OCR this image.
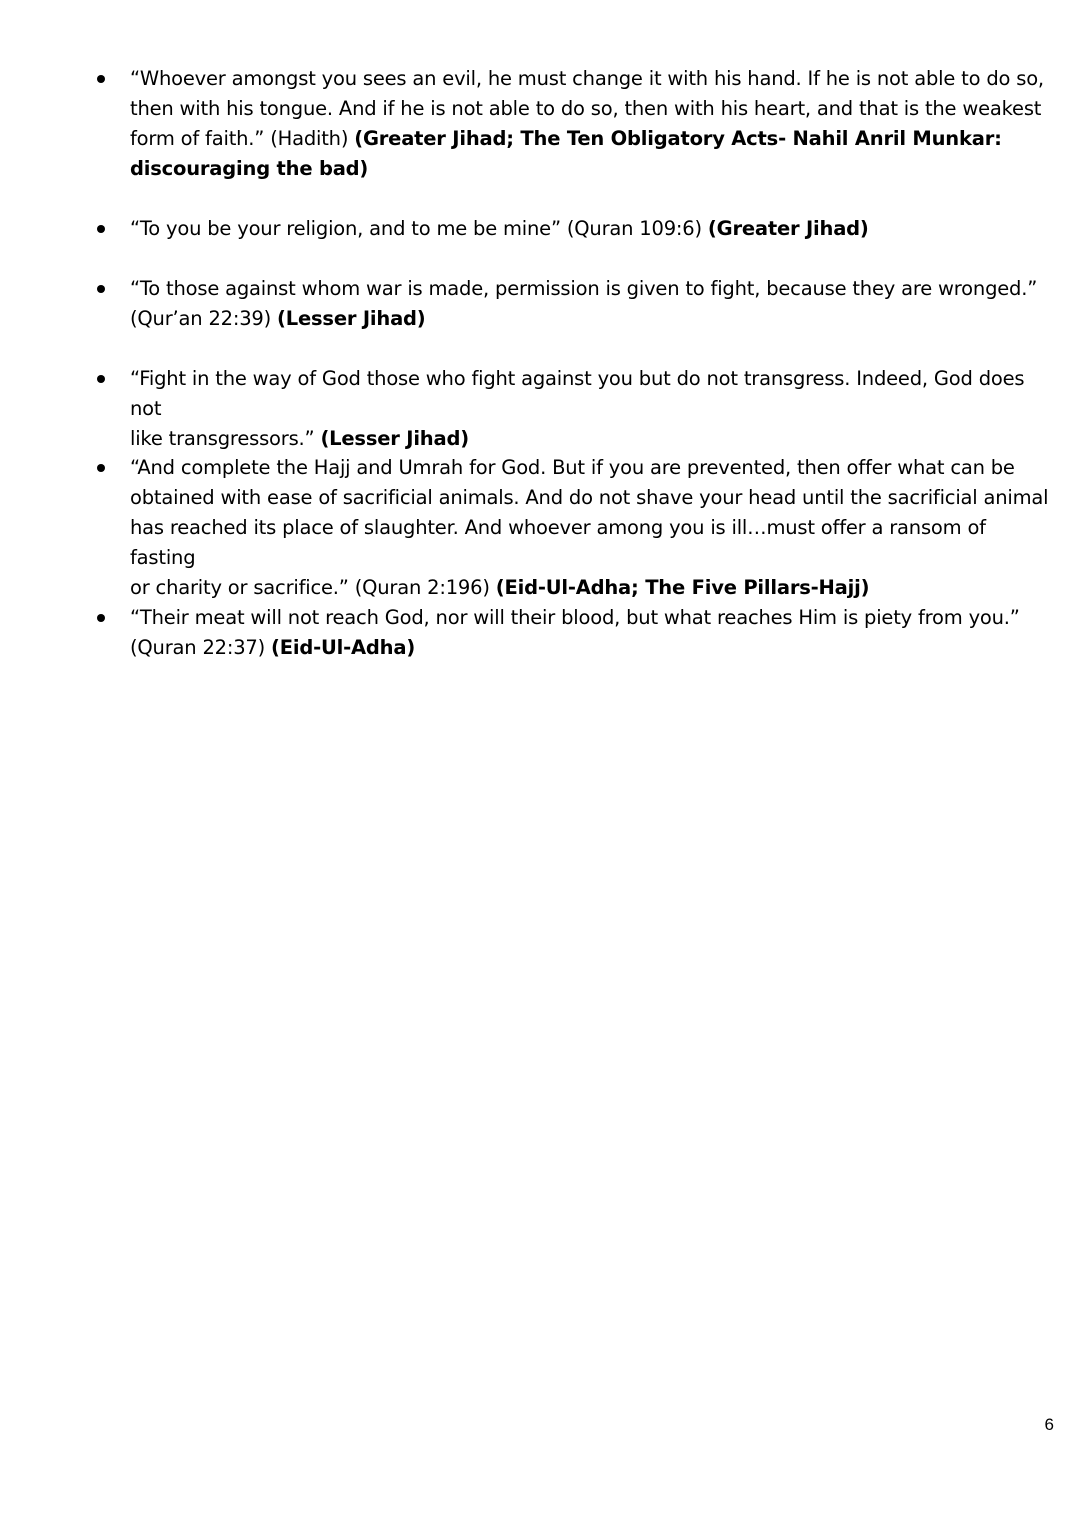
“Whoever amongst you sees an evil, he must change it with his hand. If he is not able to do so,
then with his tongue. And if he is not able to do so, then with his heart, and that is the weakest
form of faith.” (Hadith) (Greater Jihad; The Ten Obligatory Acts- Nahil Anril Munkar:
discouraging the bad)
“To you be your religion, and to me be mine” (Quran 109:6) (Greater Jihad)
“To those against whom war is made, permission is given to fight, because they are wronged.”
(Qur’an 22:39) (Lesser Jihad)
“Fight in the way of God those who fight against you but do not transgress. Indeed, God does not
like transgressors.” (Lesser Jihad)
“And complete the Hajj and Umrah for God. But if you are prevented, then offer what can be
obtained with ease of sacrificial animals. And do not shave your head until the sacrificial animal
has reached its place of slaughter. And whoever among you is ill…must offer a ransom of fasting
or charity or sacrifice.” (Quran 2:196) (Eid-Ul-Adha; The Five Pillars-Hajj)
“Their meat will not reach God, nor will their blood, but what reaches Him is piety from you.”
(Quran 22:37) (Eid-Ul-Adha)
6
